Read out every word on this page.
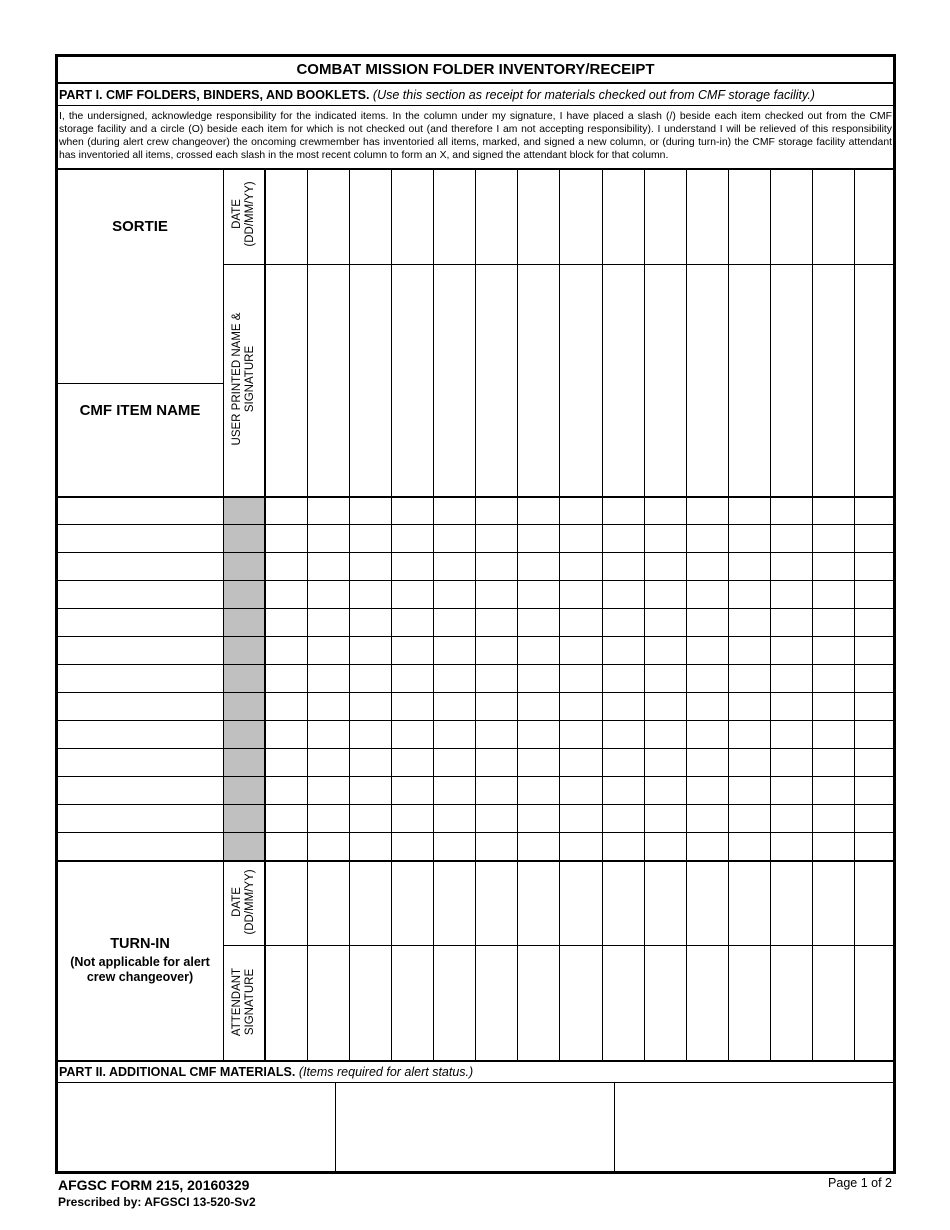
COMBAT MISSION FOLDER INVENTORY/RECEIPT
PART I. CMF FOLDERS, BINDERS, AND BOOKLETS. (Use this section as receipt for materials checked out from CMF storage facility.)
I, the undersigned, acknowledge responsibility for the indicated items. In the column under my signature, I have placed a slash (/) beside each item checked out from the CMF storage facility and a circle (O) beside each item for which is not checked out (and therefore I am not accepting responsibility). I understand I will be relieved of this responsibility when (during alert crew changeover) the oncoming crewmember has inventoried all items, marked, and signed a new column, or (during turn-in) the CMF storage facility attendant has inventoried all items, crossed each slash in the most recent column to form an X, and signed the attendant block for that column.
SORTIE
CMF ITEM NAME
DATE (DD/MM/YY)
USER PRINTED NAME & SIGNATURE
TURN-IN
(Not applicable for alert crew changeover)
DATE (DD/MM/YY)
ATTENDANT SIGNATURE
PART II. ADDITIONAL CMF MATERIALS. (Items required for alert status.)
AFGSC FORM 215, 20160329
Prescribed by: AFGSCI 13-520-Sv2
Page 1 of 2
